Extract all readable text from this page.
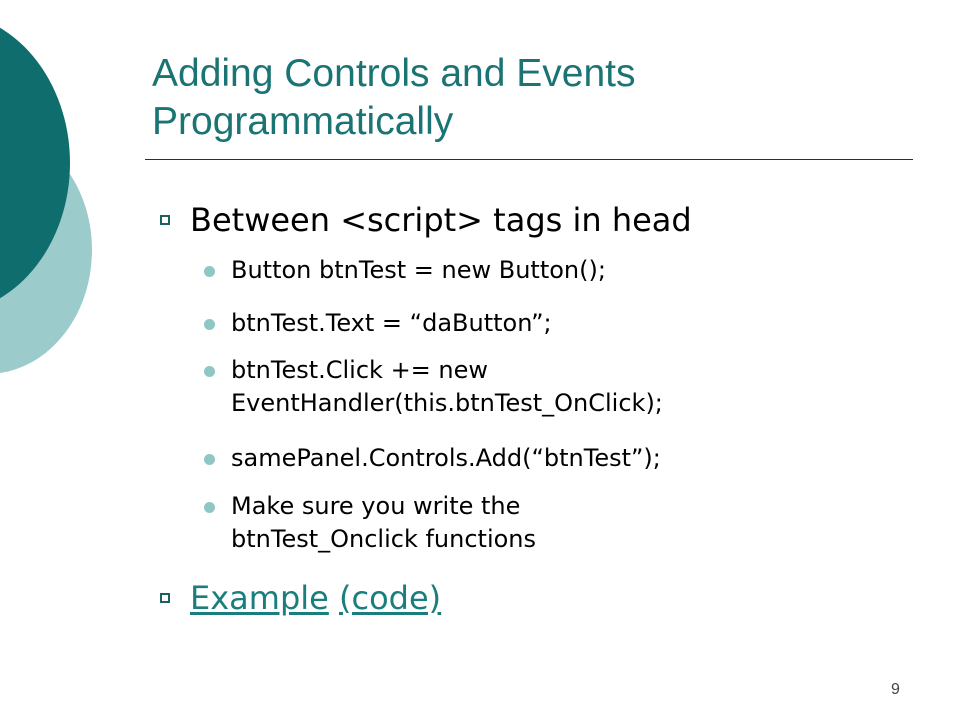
Adding Controls and Events
Programmatically
Between <script> tags in head
Button btnTest = new Button();
btnTest.Text = “daButton”;
btnTest.Click += new
EventHandler(this.btnTest_OnClick);
samePanel.Controls.Add(“btnTest”);
Make sure you write the
btnTest_Onclick functions
Example (code)
9
